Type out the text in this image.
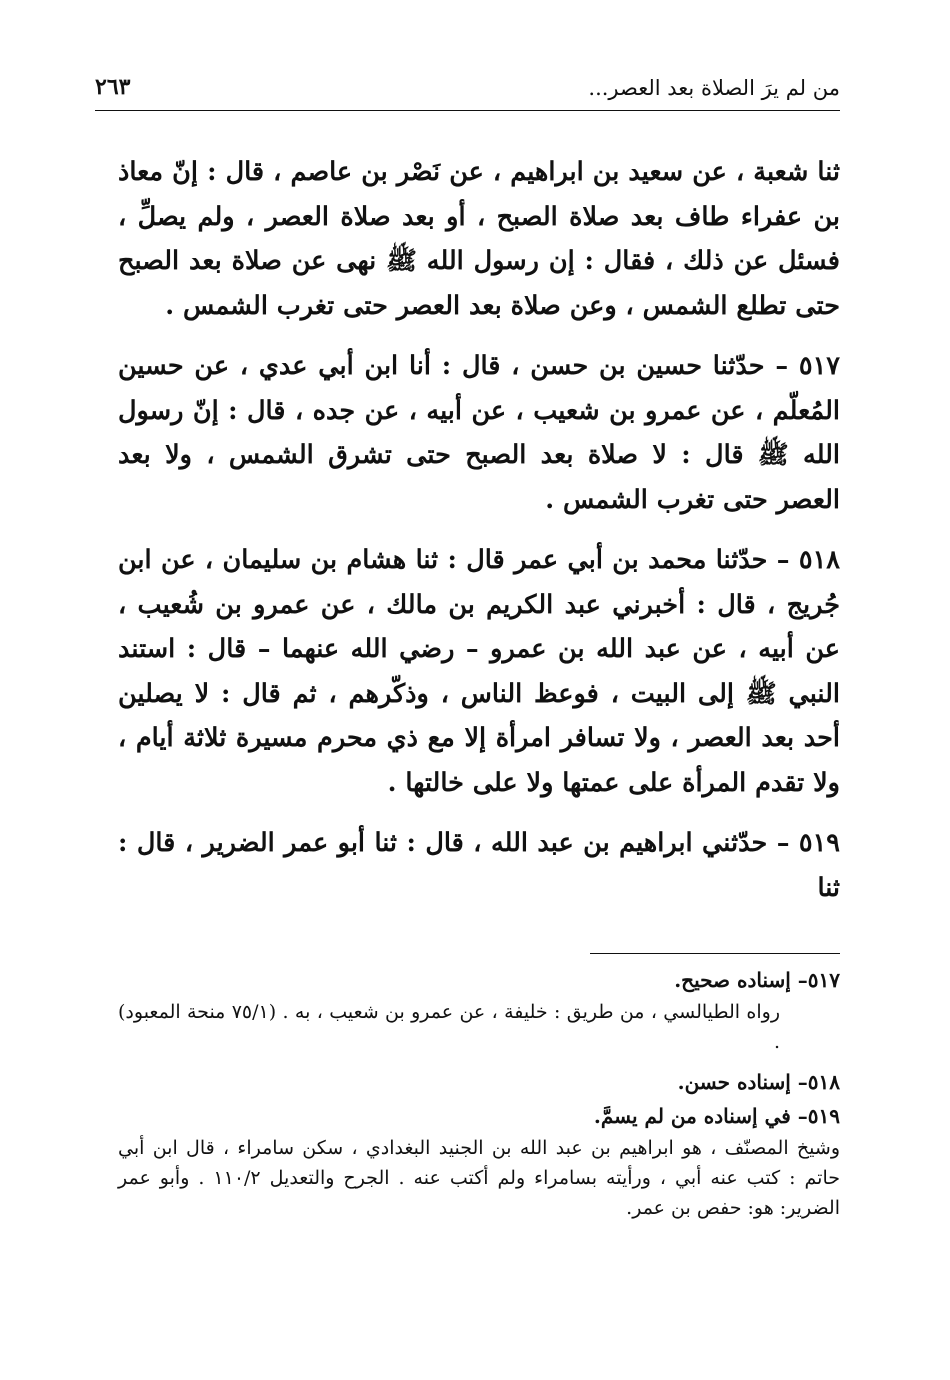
من لم يرَ الصلاة بعد العصر...
٢٦٣

ثنا شعبة ، عن سعيد بن ابراهيم ، عن نَصْر بن عاصم ، قال : إنّ معاذ بن عفراء طاف بعد صلاة الصبح ، أو بعد صلاة العصر ، ولم يصلِّ ، فسئل عن ذلك ، فقال : إن رسول الله ﷺ نهى عن صلاة بعد الصبح حتى تطلع الشمس ، وعن صلاة بعد العصر حتى تغرب الشمس .

٥١٧ – حدّثنا حسين بن حسن ، قال : أنا ابن أبي عدي ، عن حسين المُعلّم ، عن عمرو بن شعيب ، عن أبيه ، عن جده ، قال : إنّ رسول الله ﷺ قال : لا صلاة بعد الصبح حتى تشرق الشمس ، ولا بعد العصر حتى تغرب الشمس .

٥١٨ – حدّثنا محمد بن أبي عمر قال : ثنا هشام بن سليمان ، عن ابن جُريج ، قال : أخبرني عبد الكريم بن مالك ، عن عمرو بن شُعيب ، عن أبيه ، عن عبد الله بن عمرو – رضي الله عنهما – قال : استند النبي ﷺ إلى البيت ، فوعظ الناس ، وذكّرهم ، ثم قال : لا يصلين أحد بعد العصر ، ولا تسافر امرأة إلا مع ذي محرم مسيرة ثلاثة أيام ، ولا تقدم المرأة على عمتها ولا على خالتها .

٥١٩ – حدّثني ابراهيم بن عبد الله ، قال : ثنا أبو عمر الضرير ، قال : ثنا

٥١٧– إسناده صحيح.

رواه الطيالسي ، من طريق : خليفة ، عن عمرو بن شعيب ، به . (٧٥/١ منحة المعبود) .

٥١٨– إسناده حسن.

٥١٩– في إسناده من لم يسمَّ.

وشيخ المصنّف ، هو ابراهيم بن عبد الله بن الجنيد البغدادي ، سكن سامراء ، قال ابن أبي حاتم : كتب عنه أبي ، ورأيته بسامراء ولم أكتب عنه . الجرح والتعديل ١١٠/٢ . وأبو عمر الضرير: هو: حفص بن عمر.
